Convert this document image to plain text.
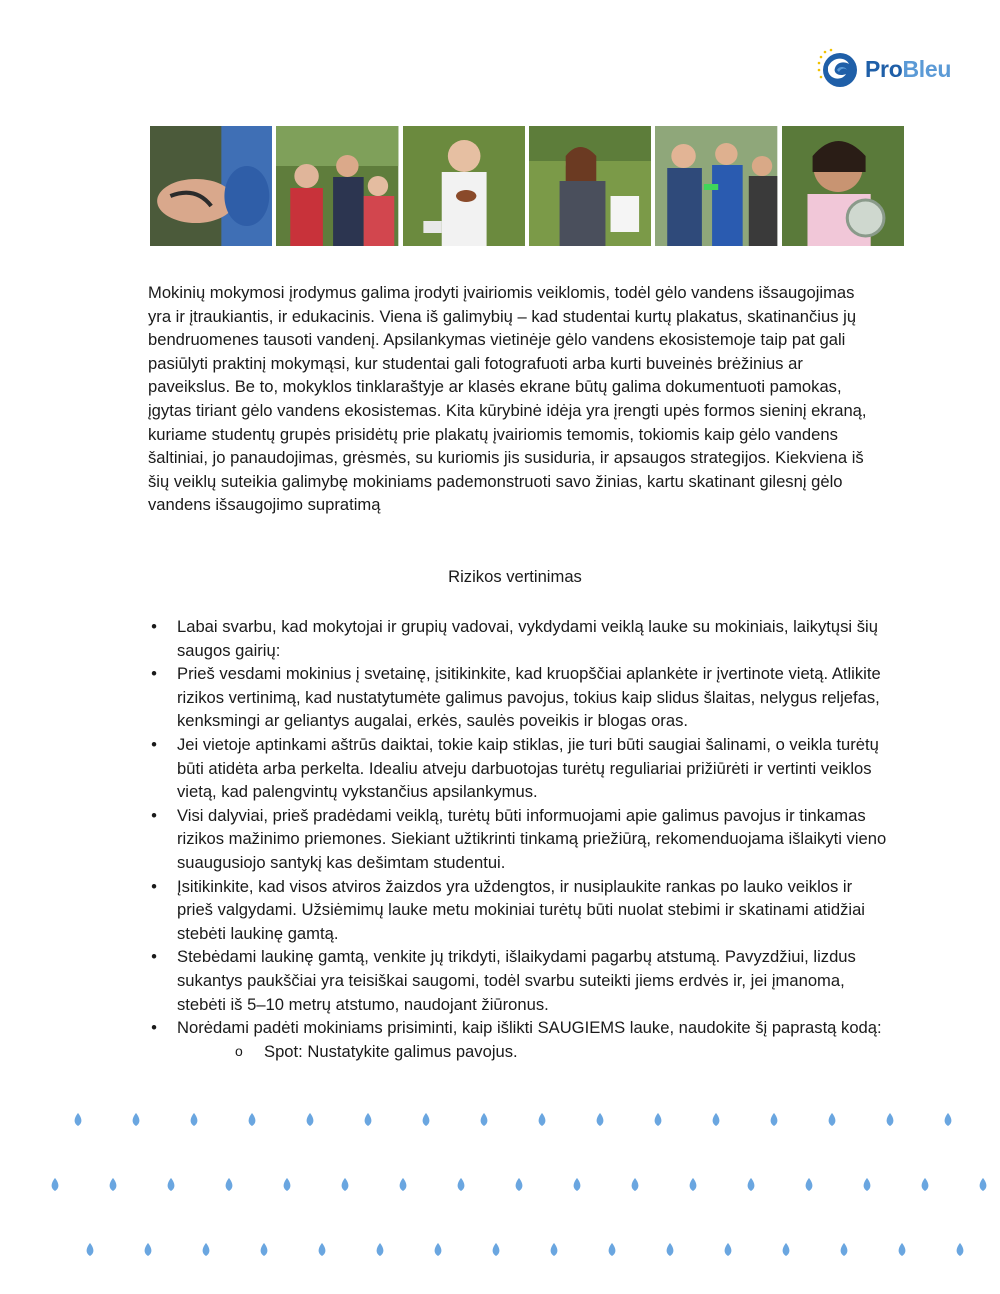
ProBleu

Mokinių mokymosi įrodymus galima įrodyti įvairiomis veiklomis, todėl gėlo vandens išsaugojimas yra ir įtraukiantis, ir edukacinis. Viena iš galimybių – kad studentai kurtų plakatus, skatinančius jų bendruomenes tausoti vandenį. Apsilankymas vietinėje gėlo vandens ekosistemoje taip pat gali pasiūlyti praktinį mokymąsi, kur studentai gali fotografuoti arba kurti buveinės brėžinius ar paveikslus. Be to, mokyklos tinklaraštyje ar klasės ekrane būtų galima dokumentuoti pamokas, įgytas tiriant gėlo vandens ekosistemas. Kita kūrybinė idėja yra įrengti upės formos sieninį ekraną, kuriame studentų grupės prisidėtų prie plakatų įvairiomis temomis, tokiomis kaip gėlo vandens šaltiniai, jo panaudojimas, grėsmės, su kuriomis jis susiduria, ir apsaugos strategijos. Kiekviena iš šių veiklų suteikia galimybę mokiniams pademonstruoti savo žinias, kartu skatinant gilesnį gėlo vandens išsaugojimo supratimą

Rizikos vertinimas
• Labai svarbu, kad mokytojai ir grupių vadovai, vykdydami veiklą lauke su mokiniais, laikytųsi šių saugos gairių:
• Prieš vesdami mokinius į svetainę, įsitikinkite, kad kruopščiai aplankėte ir įvertinote vietą. Atlikite rizikos vertinimą, kad nustatytumėte galimus pavojus, tokius kaip slidus šlaitas, nelygus reljefas, kenksmingi ar geliantys augalai, erkės, saulės poveikis ir blogas oras.
• Jei vietoje aptinkami aštrūs daiktai, tokie kaip stiklas, jie turi būti saugiai šalinami, o veikla turėtų būti atidėta arba perkelta. Idealiu atveju darbuotojas turėtų reguliariai prižiūrėti ir vertinti veiklos vietą, kad palengvintų vykstančius apsilankymus.
• Visi dalyviai, prieš pradėdami veiklą, turėtų būti informuojami apie galimus pavojus ir tinkamas rizikos mažinimo priemones. Siekiant užtikrinti tinkamą priežiūrą, rekomenduojama išlaikyti vieno suaugusiojo santykį kas dešimtam studentui.
• Įsitikinkite, kad visos atviros žaizdos yra uždengtos, ir nusiplaukite rankas po lauko veiklos ir prieš valgydami. Užsiėmimų lauke metu mokiniai turėtų būti nuolat stebimi ir skatinami atidžiai stebėti laukinę gamtą.
• Stebėdami laukinę gamtą, venkite jų trikdyti, išlaikydami pagarbų atstumą. Pavyzdžiui, lizdus sukantys paukščiai yra teisiškai saugomi, todėl svarbu suteikti jiems erdvės ir, jei įmanoma, stebėti iš 5–10 metrų atstumo, naudojant žiūronus.
• Norėdami padėti mokiniams prisiminti, kaip išlikti SAUGIEMS lauke, naudokite šį paprastą kodą:
o Spot: Nustatykite galimus pavojus.
